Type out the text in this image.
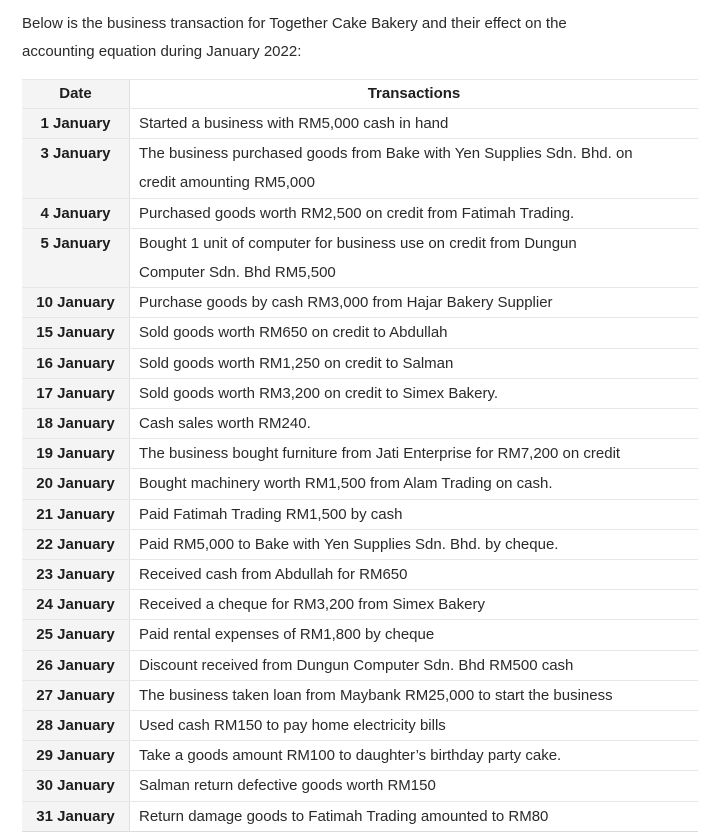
Below is the business transaction for Together Cake Bakery and their effect on the
accounting equation during January 2022:
Date	Transactions
1 January	Started a business with RM5,000 cash in hand

3 January	The business purchased goods from Bake with Yen Supplies Sdn. Bhd. on
credit amounting RM5,000

4 January	Purchased goods worth RM2,500 on credit from Fatimah Trading.

5 January	Bought 1 unit of computer for business use on credit from Dungun
Computer Sdn. Bhd RM5,500

10 January	Purchase goods by cash RM3,000 from Hajar Bakery Supplier

15 January	Sold goods worth RM650 on credit to Abdullah

16 January	Sold goods worth RM1,250 on credit to Salman

17 January	Sold goods worth RM3,200 on credit to Simex Bakery.

18 January	Cash sales worth RM240.

19 January	The business bought furniture from Jati Enterprise for RM7,200 on credit

20 January	Bought machinery worth RM1,500 from Alam Trading on cash.

21 January	Paid Fatimah Trading RM1,500 by cash

22 January	Paid RM5,000 to Bake with Yen Supplies Sdn. Bhd. by cheque.

23 January	Received cash from Abdullah for RM650

24 January	Received a cheque for RM3,200 from Simex Bakery

25 January	Paid rental expenses of RM1,800 by cheque

26 January	Discount received from Dungun Computer Sdn. Bhd RM500 cash

27 January	The business taken loan from Maybank RM25,000 to start the business

28 January	Used cash RM150 to pay home electricity bills

29 January	Take a goods amount RM100 to daughter’s birthday party cake.

30 January	Salman return defective goods worth RM150

31 January	Return damage goods to Fatimah Trading amounted to RM80
